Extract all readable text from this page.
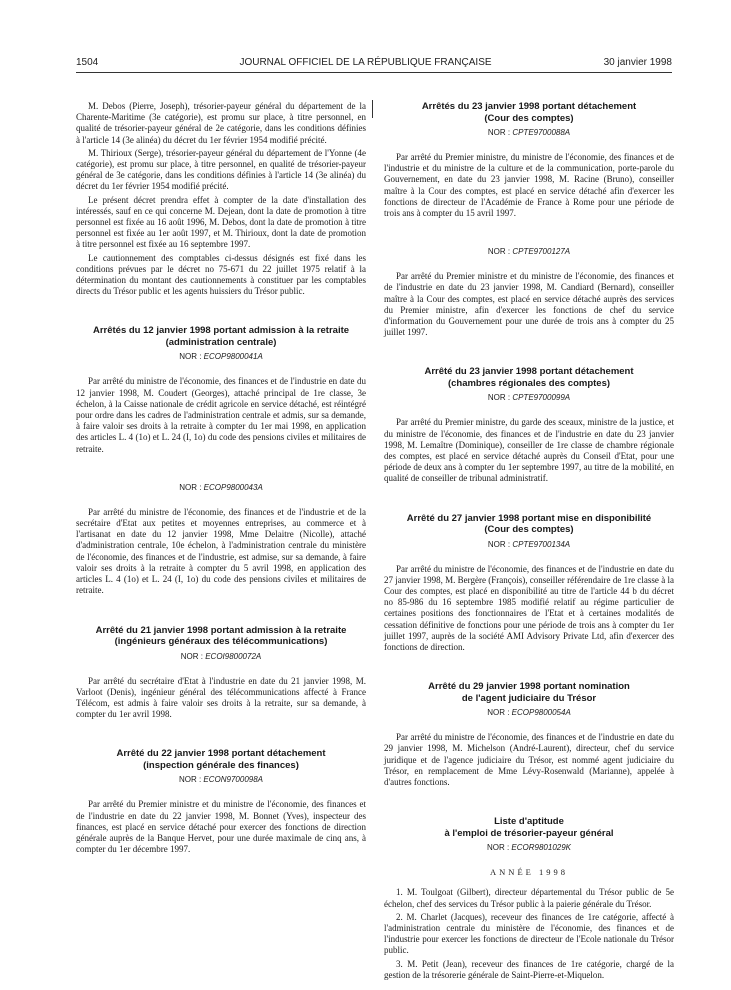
1504	JOURNAL OFFICIEL DE LA RÉPUBLIQUE FRANÇAISE	30 janvier 1998

M. Debos (Pierre, Joseph), trésorier-payeur général du département de la Charente-Maritime (3e catégorie), est promu sur place, à titre personnel, en qualité de trésorier-payeur général de 2e catégorie, dans les conditions définies à l'article 14 (3e alinéa) du décret du 1er février 1954 modifié précité.

M. Thirioux (Serge), trésorier-payeur général du département de l'Yonne (4e catégorie), est promu sur place, à titre personnel, en qualité de trésorier-payeur général de 3e catégorie, dans les conditions définies à l'article 14 (3e alinéa) du décret du 1er février 1954 modifié précité.

Le présent décret prendra effet à compter de la date d'installation des intéressés, sauf en ce qui concerne M. Dejean, dont la date de promotion à titre personnel est fixée au 16 août 1996, M. Debos, dont la date de promotion à titre personnel est fixée au 1er août 1997, et M. Thirioux, dont la date de promotion à titre personnel est fixée au 16 septembre 1997.

Le cautionnement des comptables ci-dessus désignés est fixé dans les conditions prévues par le décret no 75-671 du 22 juillet 1975 relatif à la détermination du montant des cautionnements à constituer par les comptables directs du Trésor public et les agents huissiers du Trésor public.

Arrêtés du 12 janvier 1998 portant admission à la retraite
(administration centrale)
NOR : ECOP9800041A

Par arrêté du ministre de l'économie, des finances et de l'industrie en date du 12 janvier 1998, M. Coudert (Georges), attaché principal de 1re classe, 3e échelon, à la Caisse nationale de crédit agricole en service détaché, est réintégré pour ordre dans les cadres de l'administration centrale et admis, sur sa demande, à faire valoir ses droits à la retraite à compter du 1er mai 1998, en application des articles L. 4 (1o) et L. 24 (I, 1o) du code des pensions civiles et militaires de retraite.

NOR : ECOP9800043A

Par arrêté du ministre de l'économie, des finances et de l'industrie et de la secrétaire d'Etat aux petites et moyennes entreprises, au commerce et à l'artisanat en date du 12 janvier 1998, Mme Delaitre (Nicolle), attaché d'administration centrale, 10e échelon, à l'administration centrale du ministère de l'économie, des finances et de l'industrie, est admise, sur sa demande, à faire valoir ses droits à la retraite à compter du 5 avril 1998, en application des articles L. 4 (1o) et L. 24 (I, 1o) du code des pensions civiles et militaires de retraite.

Arrêté du 21 janvier 1998 portant admission à la retraite
(ingénieurs généraux des télécommunications)
NOR : ECOI9800072A

Par arrêté du secrétaire d'Etat à l'industrie en date du 21 janvier 1998, M. Varloot (Denis), ingénieur général des télécommunications affecté à France Télécom, est admis à faire valoir ses droits à la retraite, sur sa demande, à compter du 1er avril 1998.

Arrêté du 22 janvier 1998 portant détachement
(inspection générale des finances)
NOR : ECON9700098A

Par arrêté du Premier ministre et du ministre de l'économie, des finances et de l'industrie en date du 22 janvier 1998, M. Bonnet (Yves), inspecteur des finances, est placé en service détaché pour exercer des fonctions de direction générale auprès de la Banque Hervet, pour une durée maximale de cinq ans, à compter du 1er décembre 1997.

Arrêtés du 23 janvier 1998 portant détachement
(Cour des comptes)
NOR : CPTE9700088A

Par arrêté du Premier ministre, du ministre de l'économie, des finances et de l'industrie et du ministre de la culture et de la communication, porte-parole du Gouvernement, en date du 23 janvier 1998, M. Racine (Bruno), conseiller maître à la Cour des comptes, est placé en service détaché afin d'exercer les fonctions de directeur de l'Académie de France à Rome pour une période de trois ans à compter du 15 avril 1997.

NOR : CPTE9700127A

Par arrêté du Premier ministre et du ministre de l'économie, des finances et de l'industrie en date du 23 janvier 1998, M. Candiard (Bernard), conseiller maître à la Cour des comptes, est placé en service détaché auprès des services du Premier ministre, afin d'exercer les fonctions de chef du service d'information du Gouvernement pour une durée de trois ans à compter du 25 juillet 1997.

Arrêté du 23 janvier 1998 portant détachement
(chambres régionales des comptes)
NOR : CPTE9700099A

Par arrêté du Premier ministre, du garde des sceaux, ministre de la justice, et du ministre de l'économie, des finances et de l'industrie en date du 23 janvier 1998, M. Lemaître (Dominique), conseiller de 1re classe de chambre régionale des comptes, est placé en service détaché auprès du Conseil d'Etat, pour une période de deux ans à compter du 1er septembre 1997, au titre de la mobilité, en qualité de conseiller de tribunal administratif.

Arrêté du 27 janvier 1998 portant mise en disponibilité
(Cour des comptes)
NOR : CPTE9700134A

Par arrêté du ministre de l'économie, des finances et de l'industrie en date du 27 janvier 1998, M. Bergère (François), conseiller référendaire de 1re classe à la Cour des comptes, est placé en disponibilité au titre de l'article 44 b du décret no 85-986 du 16 septembre 1985 modifié relatif au régime particulier de certaines positions des fonctionnaires de l'Etat et à certaines modalités de cessation définitive de fonctions pour une période de trois ans à compter du 1er juillet 1997, auprès de la société AMI Advisory Private Ltd, afin d'exercer des fonctions de direction.

Arrêté du 29 janvier 1998 portant nomination
de l'agent judiciaire du Trésor
NOR : ECOP9800054A

Par arrêté du ministre de l'économie, des finances et de l'industrie en date du 29 janvier 1998, M. Michelson (André-Laurent), directeur, chef du service juridique et de l'agence judiciaire du Trésor, est nommé agent judiciaire du Trésor, en remplacement de Mme Lévy-Rosenwald (Marianne), appelée à d'autres fonctions.

Liste d'aptitude
à l'emploi de trésorier-payeur général
NOR : ECOR9801029K
ANNÉE 1998

1. M. Toulgoat (Gilbert), directeur départemental du Trésor public de 5e échelon, chef des services du Trésor public à la paierie générale du Trésor.

2. M. Charlet (Jacques), receveur des finances de 1re catégorie, affecté à l'administration centrale du ministère de l'économie, des finances et de l'industrie pour exercer les fonctions de directeur de l'Ecole nationale du Trésor public.

3. M. Petit (Jean), receveur des finances de 1re catégorie, chargé de la gestion de la trésorerie générale de Saint-Pierre-et-Miquelon.
